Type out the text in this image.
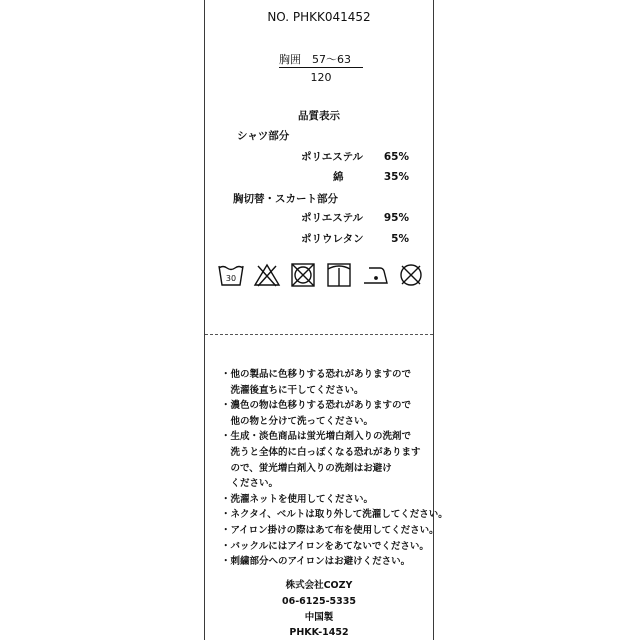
NO. PHKK041452
胸囲　57〜63
120
品質表示
シャツ部分
ポリエステル 65%
綿	35%
胸切替・スカート部分
ポリエステル 95%
ポリウレタン	5%
30
・他の製品に色移りする恐れがありますので
　洗濯後直ちに干してください。
・濃色の物は色移りする恐れがありますので
　他の物と分けて洗ってください。
・生成・淡色商品は蛍光増白剤入りの洗剤で
　洗うと全体的に白っぽくなる恐れがあります
　ので、蛍光増白剤入りの洗剤はお避け
　ください。
・洗濯ネットを使用してください。
・ネクタイ、ベルトは取り外して洗濯してください。
・アイロン掛けの際はあて布を使用してください。
・バックルにはアイロンをあてないでください。
・刺繍部分へのアイロンはお避けください。
株式会社COZY
06-6125-5335
中国製
PHKK-1452
